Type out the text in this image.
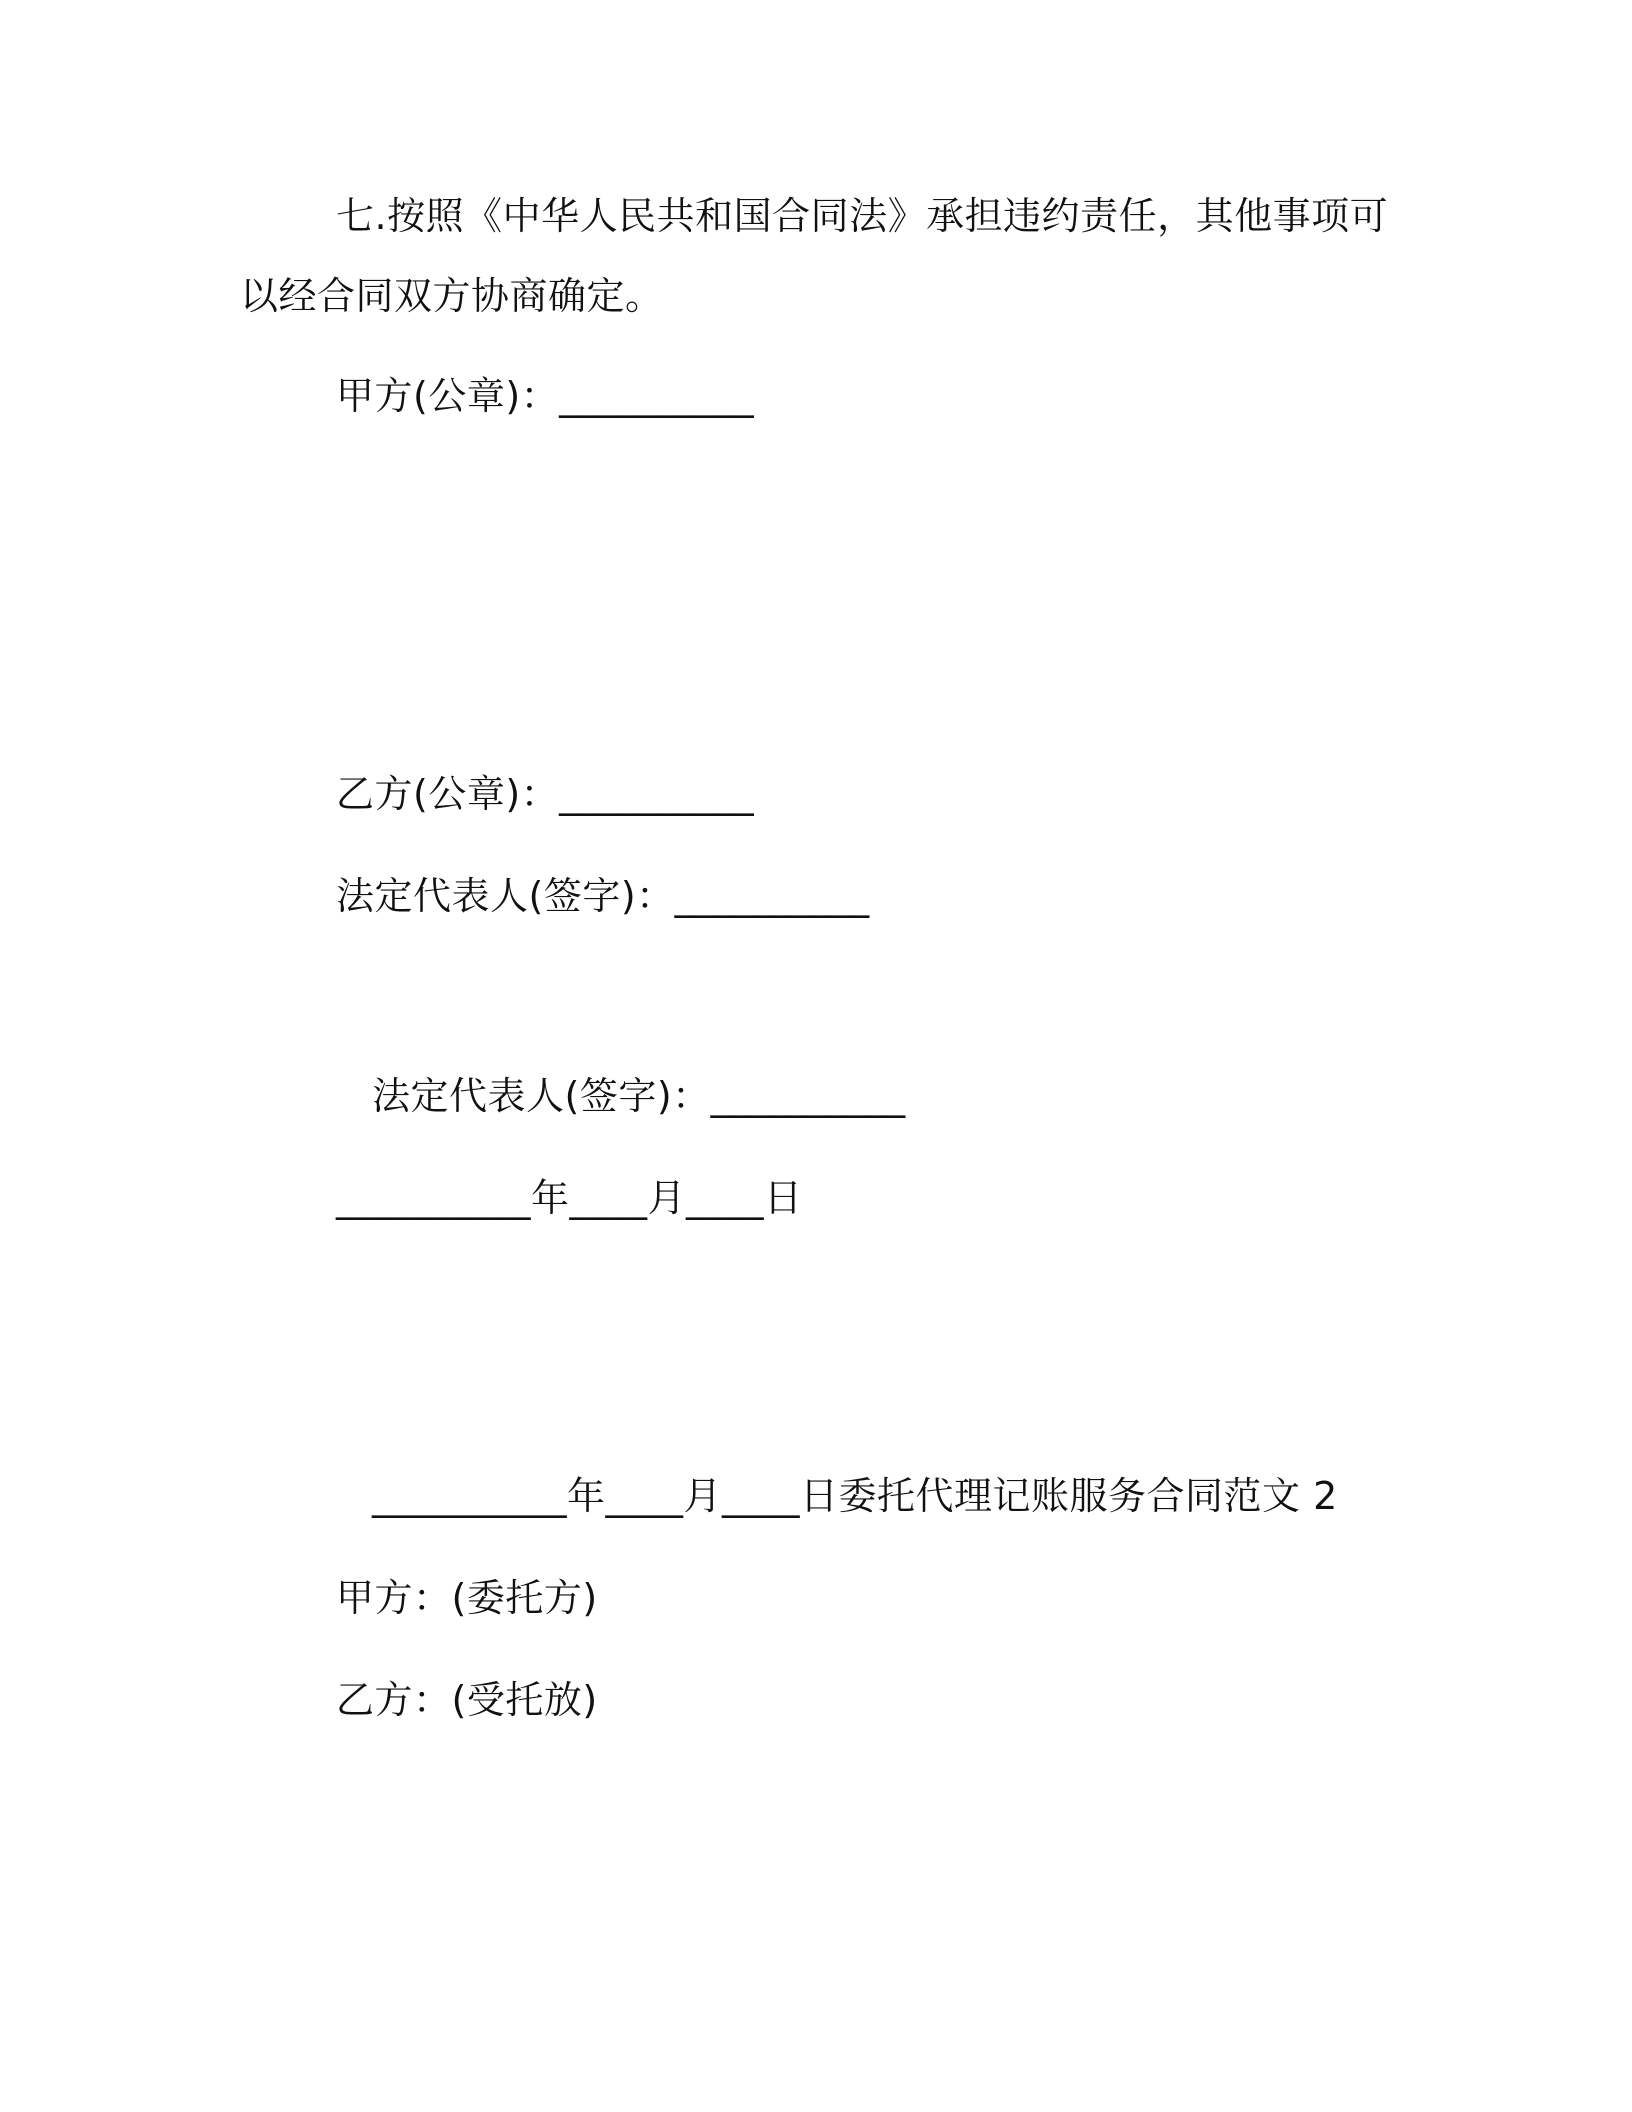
七.按照《中华人民共和国合同法》承担违约责任，其他事项可
以经合同双方协商确定。
甲方(公章)：__________
乙方(公章)：__________
法定代表人(签字)：__________
法定代表人(签字)：__________
__________年____月____日
__________年____月____日委托代理记账服务合同范文 2
甲方：(委托方)
乙方：(受托放)
